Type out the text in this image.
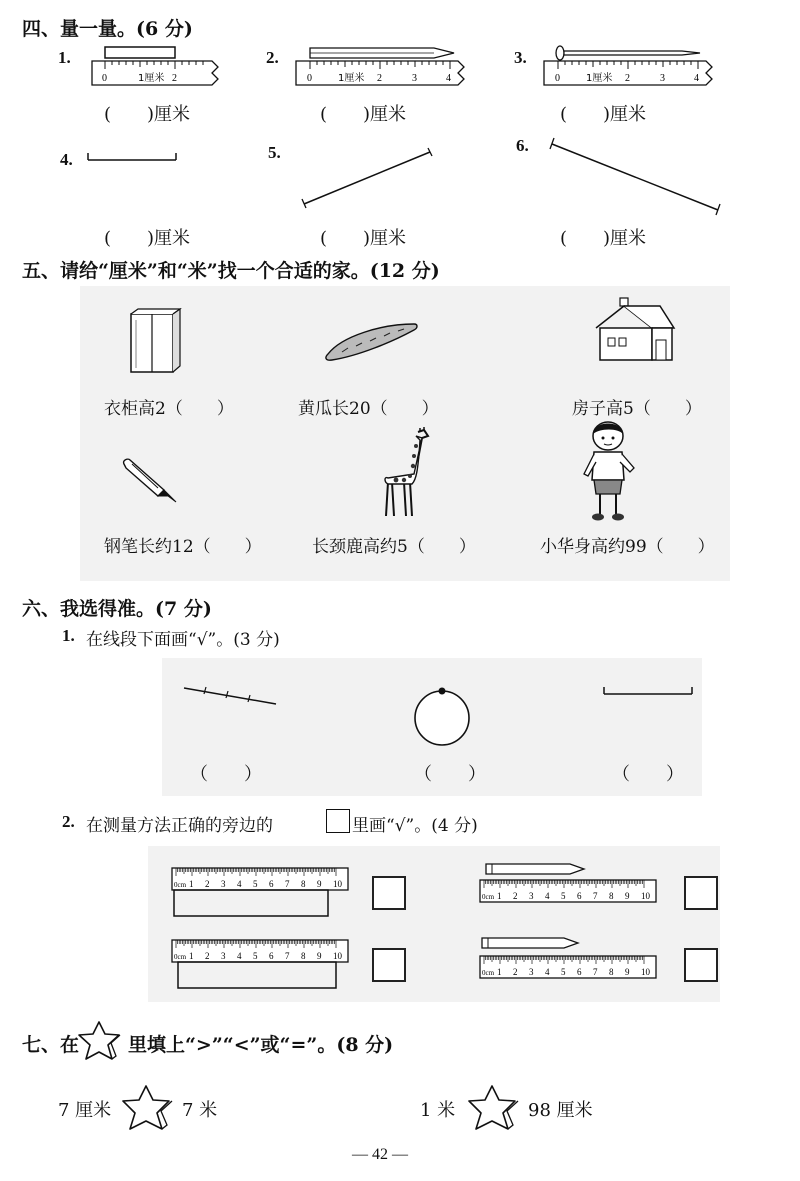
四、量一量。(6 分)
1.
0	1厘米 2
(　　)厘米
2.
0	1厘米 2	3	4
(　　)厘米
3.
0	1厘米 2	3	4
(　　)厘米
4.
(　　)厘米
5.
(　　)厘米
6.
(　　)厘米
五、请给“厘米”和“米”找一个合适的家。(12 分)
衣柜高2（　　）	黄瓜长20（　　）	房子高5（　　）
钢笔长约12（　　）	长颈鹿高约5（　　）	小华身高约99（　　）
六、我选得准。(7 分)
1. 在线段下面画“√”。(3 分)
（　　）	（　　）	（　　）
2. 在测量方法正确的旁边的	里画“√”。(4 分)
0cm 1 2 3 4 5 6 7 8 9 10
0cm 1 2 3 4 5 6 7 8 9 10
0cm 1 2 3 4 5 6 7 8 9 10
0cm 1 2 3 4 5 6 7 8 9 10
七、在	里填上“>”“<”或“=”。(8 分)
7 厘米	7 米	1 米	98 厘米
— 42 —
